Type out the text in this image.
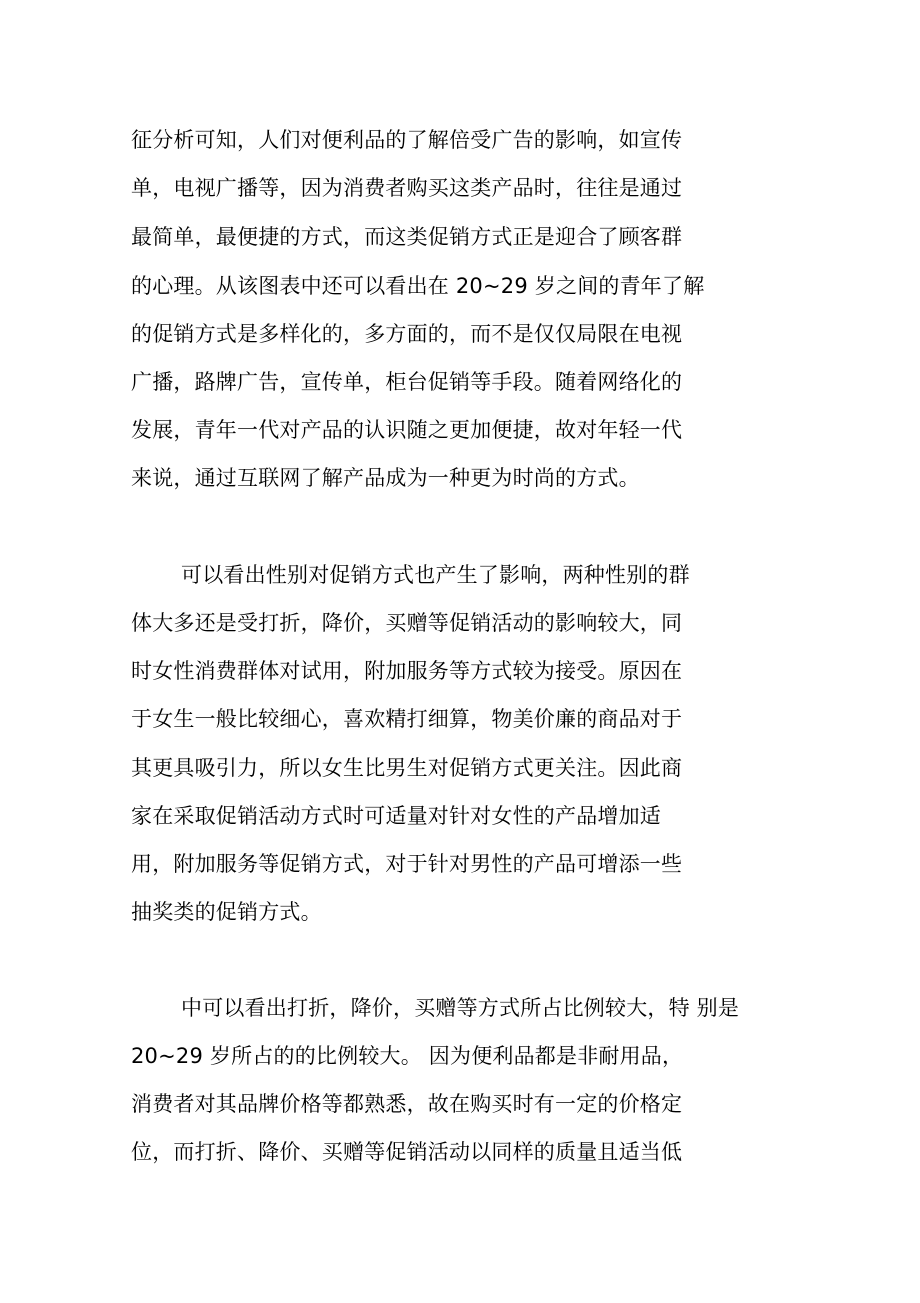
征分析可知，人们对便利品的了解倍受广告的影响，如宣传

单，电视广播等，因为消费者购买这类产品时，往往是通过

最简单，最便捷的方式，而这类促销方式正是迎合了顾客群

的心理。从该图表中还可以看出在 20~29 岁之间的青年了解

的促销方式是多样化的，多方面的，而不是仅仅局限在电视

广播，路牌广告，宣传单，柜台促销等手段。随着网络化的

发展，青年一代对产品的认识随之更加便捷，故对年轻一代

来说，通过互联网了解产品成为一种更为时尚的方式。

可以看出性别对促销方式也产生了影响，两种性别的群

体大多还是受打折，降价，买赠等促销活动的影响较大，同

时女性消费群体对试用，附加服务等方式较为接受。原因在

于女生一般比较细心，喜欢精打细算，物美价廉的商品对于

其更具吸引力，所以女生比男生对促销方式更关注。因此商

家在采取促销活动方式时可适量对针对女性的产品增加适

用，附加服务等促销方式，对于针对男性的产品可增添一些

抽奖类的促销方式。

中可以看出打折，降价，买赠等方式所占比例较大，特 别是

20~29 岁所占的的比例较大。 因为便利品都是非耐用品，

消费者对其品牌价格等都熟悉，故在购买时有一定的价格定

位，而打折、降价、买赠等促销活动以同样的质量且适当低
